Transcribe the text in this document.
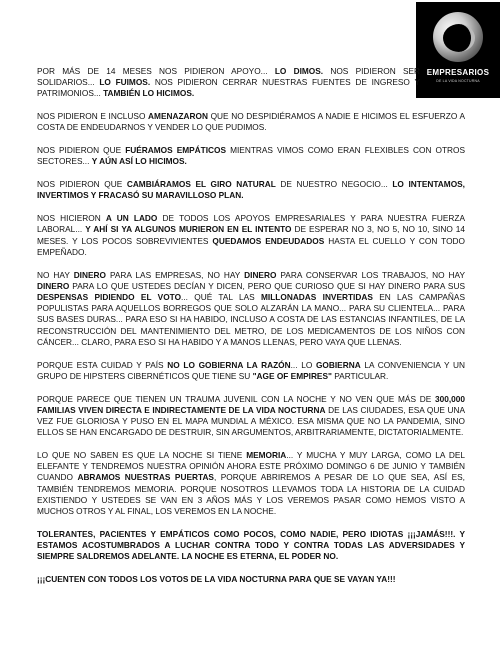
EMPRESARIOS
DE LA VIDA NOCTURNA

POR MÁS DE 14 MESES NOS PIDIERON APOYO... LO DIMOS. NOS PIDIERON SER SOLIDARIOS... LO FUIMOS. NOS PIDIERON CERRAR NUESTRAS FUENTES DE INGRESO Y PATRIMONIOS... TAMBIÉN LO HICIMOS.

NOS PIDIERON E INCLUSO AMENAZARON QUE NO DESPIDIÉRAMOS A NADIE E HICIMOS EL ESFUERZO A COSTA DE ENDEUDARNOS Y VENDER LO QUE PUDIMOS.

NOS PIDIERON QUE FUÉRAMOS EMPÁTICOS MIENTRAS VIMOS COMO ERAN FLEXIBLES CON OTROS SECTORES... Y AÚN ASÍ LO HICIMOS.

NOS PIDIERON QUE CAMBIÁRAMOS EL GIRO NATURAL DE NUESTRO NEGOCIO... LO INTENTAMOS, INVERTIMOS Y FRACASÓ SU MARAVILLOSO PLAN.

NOS HICIERON A UN LADO DE TODOS LOS APOYOS EMPRESARIALES Y PARA NUESTRA FUERZA LABORAL... Y AHÍ SI YA ALGUNOS MURIERON EN EL INTENTO DE ESPERAR NO 3, NO 5, NO 10, SINO 14 MESES. Y LOS POCOS SOBREVIVIENTES QUEDAMOS ENDEUDADOS HASTA EL CUELLO Y CON TODO EMPEÑADO.

NO HAY DINERO PARA LAS EMPRESAS, NO HAY DINERO PARA CONSERVAR LOS TRABAJOS, NO HAY DINERO PARA LO QUE USTEDES DECÍAN Y DICEN, PERO QUE CURIOSO QUE SI HAY DINERO PARA SUS DESPENSAS PIDIENDO EL VOTO... QUÉ TAL LAS MILLONADAS INVERTIDAS EN LAS CAMPAÑAS POPULISTAS PARA AQUELLOS BORREGOS QUE SOLO ALZARÁN LA MANO... PARA SU CLIENTELA... PARA SUS BASES DURAS... PARA ESO SI HA HABIDO, INCLUSO A COSTA DE LAS ESTANCIAS INFANTILES, DE LA RECONSTRUCCIÓN DEL MANTENIMIENTO DEL METRO, DE LOS MEDICAMENTOS DE LOS NIÑOS CON CÁNCER... CLARO, PARA ESO SI HA HABIDO Y A MANOS LLENAS, PERO VAYA QUE LLENAS.

PORQUE ESTA CUIDAD Y PAÍS NO LO GOBIERNA LA RAZÓN... LO GOBIERNA LA CONVENIENCIA Y UN GRUPO DE HIPSTERS CIBERNÉTICOS QUE TIENE SU "AGE OF EMPIRES" PARTICULAR.

PORQUE PARECE QUE TIENEN UN TRAUMA JUVENIL CON LA NOCHE Y NO VEN QUE MÁS DE 300,000 FAMILIAS VIVEN DIRECTA E INDIRECTAMENTE DE LA VIDA NOCTURNA DE LAS CIUDADES, ESA QUE UNA VEZ FUE GLORIOSA Y PUSO EN EL MAPA MUNDIAL A MÉXICO. ESA MISMA QUE NO LA PANDEMIA, SINO ELLOS SE HAN ENCARGADO DE DESTRUIR, SIN ARGUMENTOS, ARBITRARIAMENTE, DICTATORIALMENTE.

LO QUE NO SABEN ES QUE LA NOCHE SI TIENE MEMORIA... Y MUCHA Y MUY LARGA, COMO LA DEL ELEFANTE Y TENDREMOS NUESTRA OPINIÓN AHORA ESTE PRÓXIMO DOMINGO 6 DE JUNIO Y TAMBIÉN CUANDO ABRAMOS NUESTRAS PUERTAS, PORQUE ABRIREMOS A PESAR DE LO QUE SEA, ASÍ ES, TAMBIÉN TENDREMOS MEMORIA. PORQUE NOSOTROS LLEVAMOS TODA LA HISTORIA DE LA CUIDAD EXISTIENDO Y USTEDES SE VAN EN 3 AÑOS MÁS Y LOS VEREMOS PASAR COMO HEMOS VISTO A MUCHOS OTROS Y AL FINAL, LOS VEREMOS EN LA NOCHE.

TOLERANTES, PACIENTES Y EMPÁTICOS COMO POCOS, COMO NADIE, PERO IDIOTAS ¡¡¡JAMÁS!!!. Y ESTAMOS ACOSTUMBRADOS A LUCHAR CONTRA TODO Y CONTRA TODAS LAS ADVERSIDADES Y SIEMPRE SALDREMOS ADELANTE. LA NOCHE ES ETERNA, EL PODER NO.

¡¡¡CUENTEN CON TODOS LOS VOTOS DE LA VIDA NOCTURNA PARA QUE SE VAYAN YA!!!
